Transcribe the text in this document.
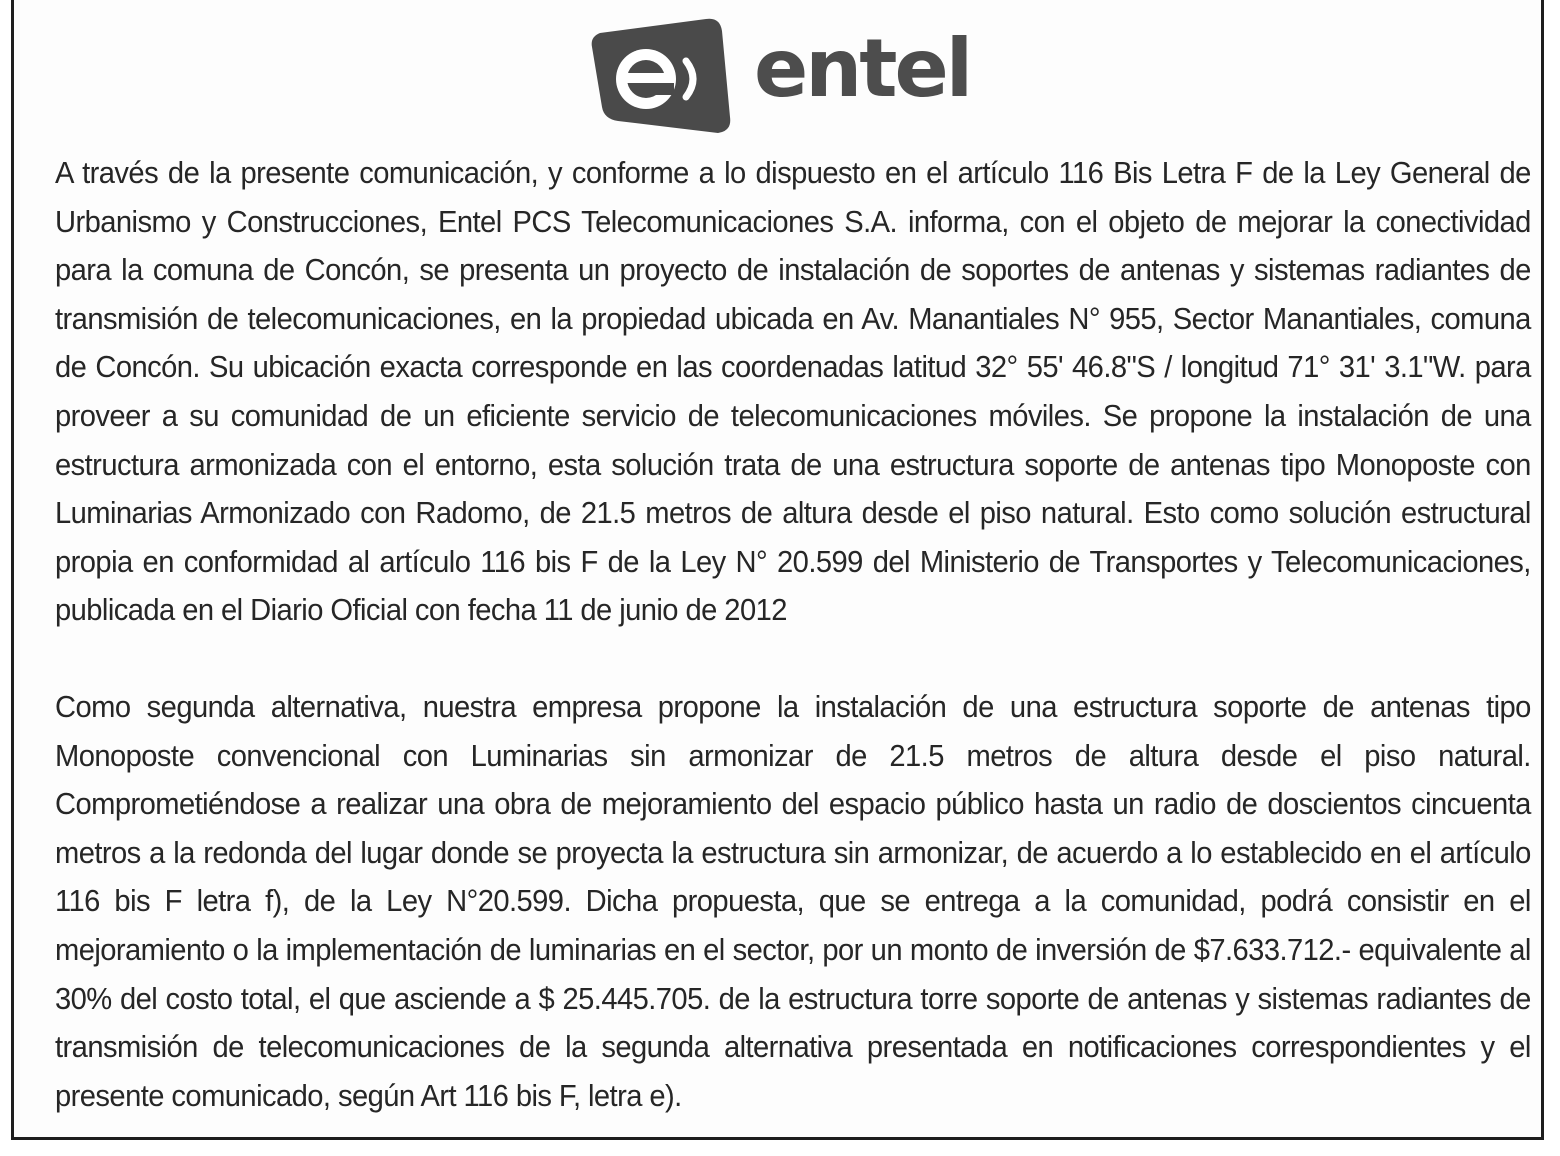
entel

A través de la presente comunicación, y conforme a lo dispuesto en el artículo 116 Bis Letra F de la Ley General de Urbanismo y Construcciones, Entel PCS Telecomunicaciones S.A. informa, con el objeto de mejorar la conectividad para la comuna de Concón, se presenta un proyecto de instalación de soportes de antenas y sistemas radiantes de transmisión de telecomunicaciones, en la propiedad ubicada en Av. Manantiales N° 955, Sector Manantiales, comuna de Concón. Su ubicación exacta corresponde en las coordenadas latitud 32° 55' 46.8"S / longitud 71° 31' 3.1"W. para proveer a su comunidad de un eficiente servicio de telecomunicaciones móviles. Se propone la instalación de una estructura armonizada con el entorno, esta solución trata de una estructura soporte de antenas tipo Monoposte con Luminarias Armonizado con Radomo, de 21.5 metros de altura desde el piso natural. Esto como solución estructural propia en conformidad al artículo 116 bis F de la Ley N° 20.599 del Ministerio de Transportes y Telecomunicaciones, publicada en el Diario Oficial con fecha 11 de junio de 2012

Como segunda alternativa, nuestra empresa propone la instalación de una estructura soporte de antenas tipo Monoposte convencional con Luminarias sin armonizar de 21.5 metros de altura desde el piso natural. Comprometiéndose a realizar una obra de mejoramiento del espacio público hasta un radio de doscientos cincuenta metros a la redonda del lugar donde se proyecta la estructura sin armonizar, de acuerdo a lo establecido en el artículo 116 bis F letra f), de la Ley N°20.599. Dicha propuesta, que se entrega a la comunidad, podrá consistir en el mejoramiento o la implementación de luminarias en el sector, por un monto de inversión de $7.633.712.- equivalente al 30% del costo total, el que asciende a $ 25.445.705. de la estructura torre soporte de antenas y sistemas radiantes de transmisión de telecomunicaciones de la segunda alternativa presentada en notificaciones correspondientes y el presente comunicado, según Art 116 bis F, letra e).
